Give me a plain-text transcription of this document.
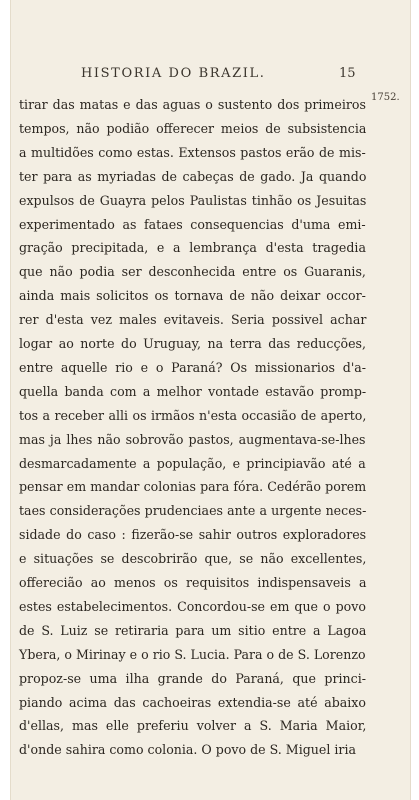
HISTORIA DO BRAZIL.	15
1752.
tirar das matas e das aguas o sustento dos primeiros
tempos, não podião offerecer meios de subsistencia
a multidões como estas. Extensos pastos erão de mis-
ter para as myriadas de cabeças de gado. Ja quando
expulsos de Guayra pelos Paulistas tinhão os Jesuitas
experimentado as fataes consequencias d'uma emi-
gração precipitada, e a lembrança d'esta tragedia
que não podia ser desconhecida entre os Guaranis,
ainda mais solicitos os tornava de não deixar occor-
rer d'esta vez males evitaveis. Seria possivel achar
logar ao norte do Uruguay, na terra das reducções,
entre aquelle rio e o Paraná? Os missionarios d'a-
quella banda com a melhor vontade estavão promp-
tos a receber alli os irmãos n'esta occasião de aperto,
mas ja lhes não sobrovão pastos, augmentava-se-lhes
desmarcadamente a população, e principiavão até a
pensar em mandar colonias para fóra. Cedérão porem
taes considerações prudenciaes ante a urgente neces-
sidade do caso : fizerão-se sahir outros exploradores
e situações se descobrirão que, se não excellentes,
offerecião ao menos os requisitos indispensaveis a
estes estabelecimentos. Concordou-se em que o povo
de S. Luiz se retiraria para um sitio entre a Lagoa
Ybera, o Mirinay e o rio S. Lucia. Para o de S. Lorenzo
propoz-se uma ilha grande do Paraná, que princi-
piando acima das cachoeiras extendia-se até abaixo
d'ellas, mas elle preferiu volver a S. Maria Maior,
d'onde sahira como colonia. O povo de S. Miguel iria
